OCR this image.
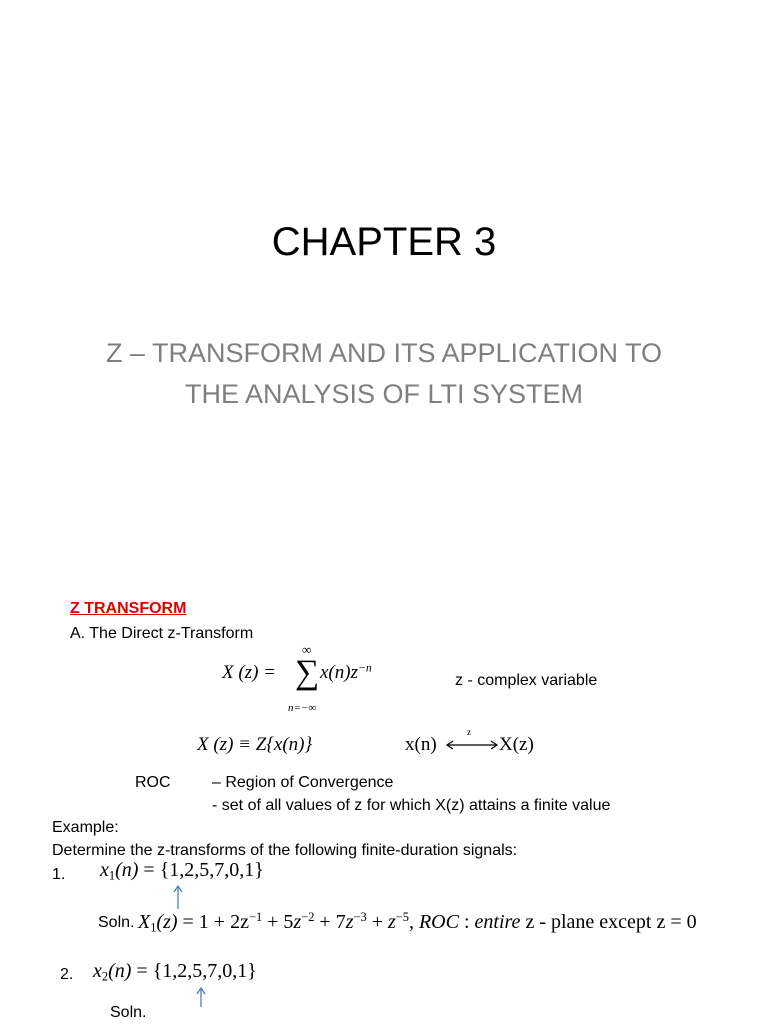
CHAPTER 3
Z – TRANSFORM AND ITS APPLICATION TO THE ANALYSIS OF LTI SYSTEM
Z TRANSFORM
A. The Direct z-Transform
X (z) =
∞
∑
n=−∞
$x(n)z^{-n}$
z - complex variable
X (z) ≡ Z{x(n)}	x(n)
z
X(z)
ROC	– Region of Convergence
- set of all values of z for which X(z) attains a finite value
Example:
Determine the z-transforms of the following finite-duration signals:
1. $x_1(n) = \{1,2,5,7,0,1\}$
Soln. $X_1(z) = 1 + 2z^{-1} + 5z^{-2} + 7z^{-3} + z^{-5}$, ROC : entire z - plane except z = 0
2. $x_2(n) = \{1,2,5,7,0,1\}$
Soln.
